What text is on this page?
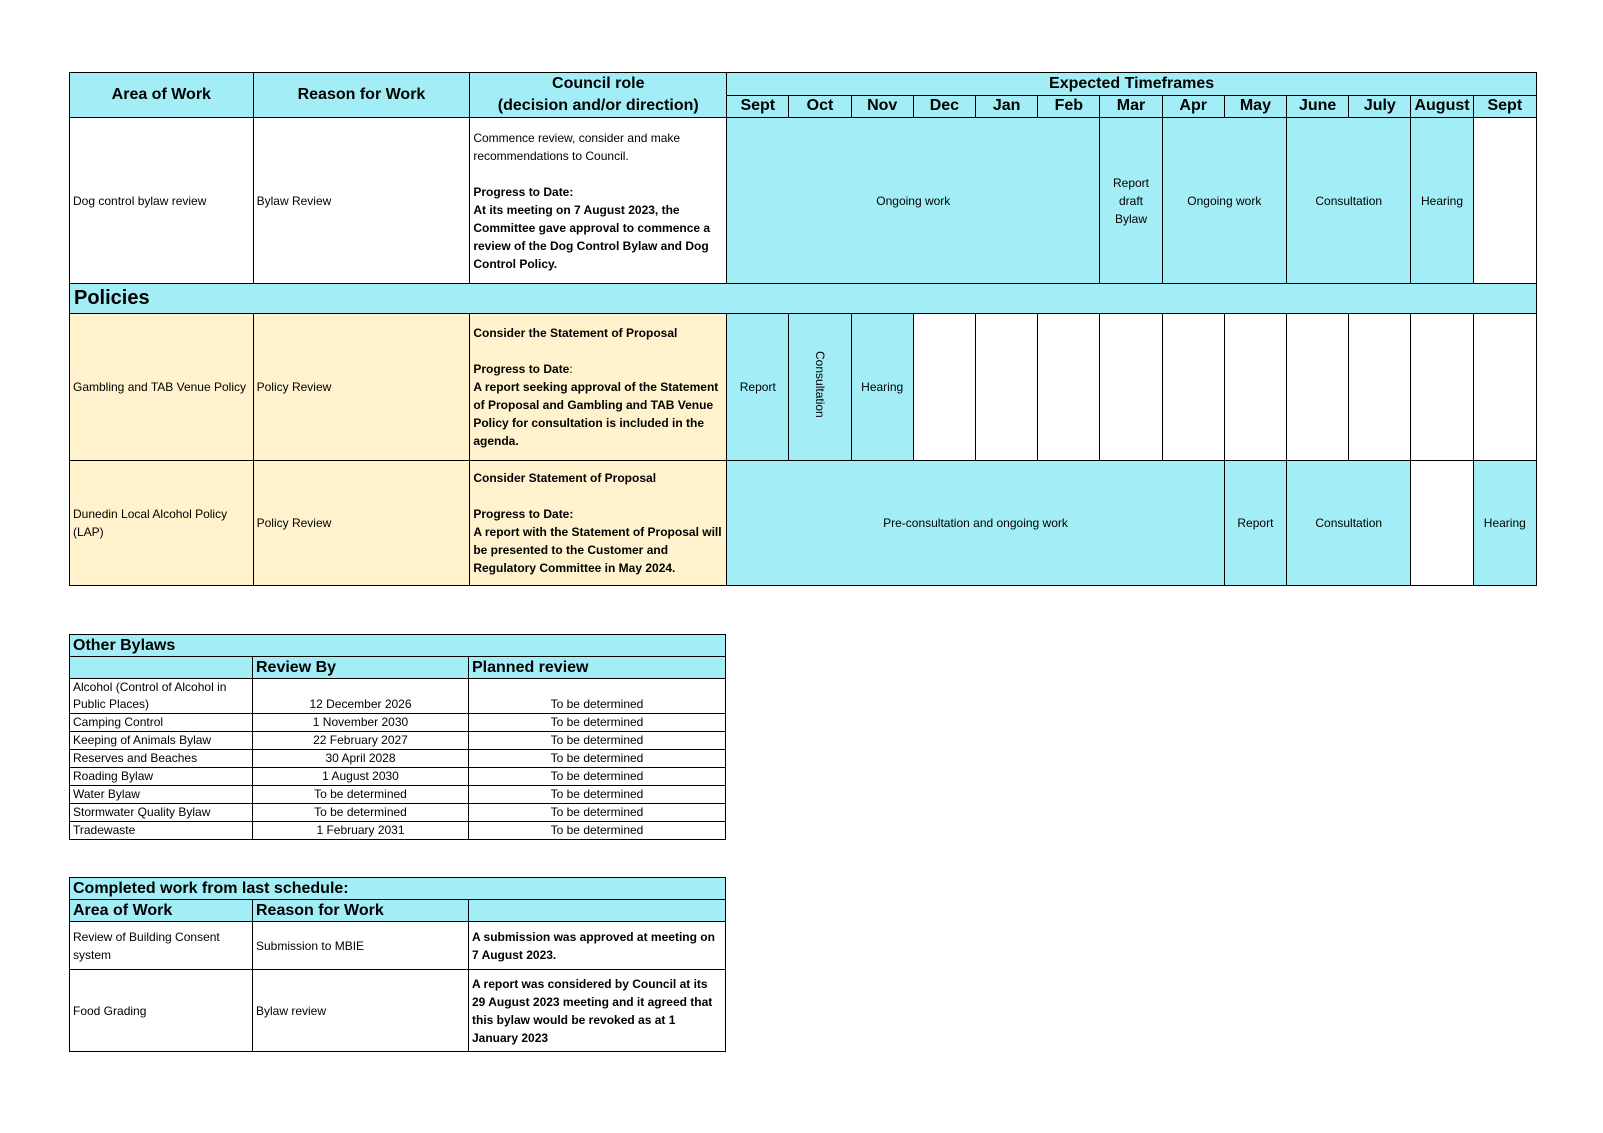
Area of Work	Reason for Work	Council role
(decision and/or direction)	Expected Timeframes												
			Sept	Oct	Nov	Dec	Jan	Feb	Mar	Apr	May	June	July	August	Sept
Dog control bylaw review	Bylaw Review	Commence review, consider and make recommendations to Council.

Progress to Date:

At its meeting on 7 August 2023, the Committee gave approval to commence a review of the Dog Control Bylaw and Dog Control Policy.	Ongoing work						Report draft Bylaw	Ongoing work		Consultation		Hearing	
Policies															
Gambling and TAB Venue Policy	Policy Review	Consider the Statement of Proposal

Progress to Date:

A report seeking approval of the Statement of Proposal and Gambling and TAB Venue Policy for consultation is included in the agenda.	Report	Consultation	Hearing										
Dunedin Local Alcohol Policy (LAP)	Policy Review	Consider Statement of Proposal

Progress to Date:

A report with the Statement of Proposal will be presented to the Customer and Regulatory Committee in May 2024.	Pre-consultation and ongoing work								Report	Consultation			Hearing
Other Bylaws		
	Review By	Planned review
Alcohol (Control of Alcohol in Public Places)	12 December 2026	To be determined
Camping Control	1 November 2030	To be determined
Keeping of Animals Bylaw	22 February 2027	To be determined
Reserves and Beaches	30 April 2028	To be determined
Roading Bylaw	1 August 2030	To be determined
Water Bylaw	To be determined	To be determined
Stormwater Quality Bylaw	To be determined	To be determined
Tradewaste	1 February 2031	To be determined
Completed work from last schedule:		
Area of Work	Reason for Work	
Review of Building Consent system	Submission to MBIE	A submission was approved at meeting on 7 August 2023.
Food Grading	Bylaw review	A report was considered by Council at its 29 August 2023 meeting and it agreed that this bylaw would be revoked as at 1 January 2023
